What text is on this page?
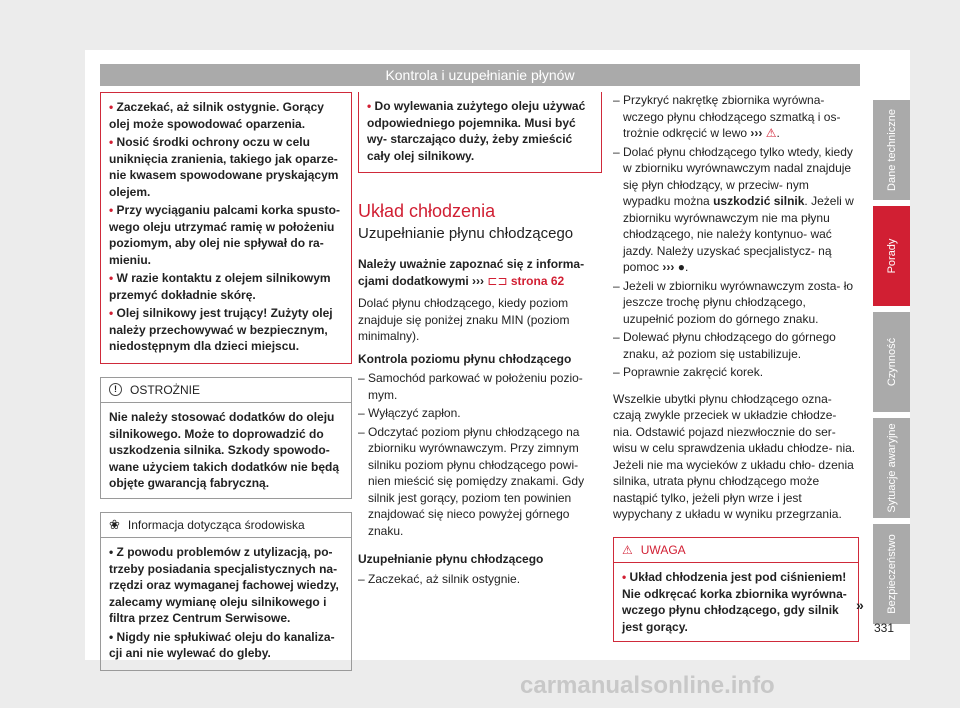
Kontrola i uzupełnianie płynów

• Zaczekać, aż silnik ostygnie. Gorący olej może spowodować oparzenia.

• Nosić środki ochrony oczu w celu uniknięcia zranienia, takiego jak oparze- nie kwasem spowodowane pryskającym olejem.

• Przy wyciąganiu palcami korka spusto- wego oleju utrzymać ramię w położeniu poziomym, aby olej nie spływał do ra- mieniu.

• W razie kontaktu z olejem silnikowym przemyć dokładnie skórę.

• Olej silnikowy jest trujący! Zużyty olej należy przechowywać w bezpiecznym, niedostępnym dla dzieci miejscu.

!	OSTROŻNIE
Nie należy stosować dodatków do oleju silnikowego. Może to doprowadzić do uszkodzenia silnika. Szkody spowodo- wane użyciem takich dodatków nie będą objęte gwarancją fabryczną.
❀ Informacja dotycząca środowiska

• Z powodu problemów z utylizacją, po- trzeby posiadania specjalistycznych na- rzędzi oraz wymaganej fachowej wiedzy, zalecamy wymianę oleju silnikowego i filtra przez Centrum Serwisowe.

• Nigdy nie spłukiwać oleju do kanaliza- cji ani nie wylewać do gleby.

• Do wylewania zużytego oleju używać odpowiedniego pojemnika. Musi być wy- starczająco duży, żeby zmieścić cały olej silnikowy.

Układ chłodzenia
Uzupełnianie płynu chłodzącego

Należy uważnie zapoznać się z informa- cjami dodatkowymi ››› ⊏⊐ strona 62

Dolać płynu chłodzącego, kiedy poziom znajduje się poniżej znaku MIN (poziom minimalny).

Kontrola poziomu płynu chłodzącego

– Samochód parkować w położeniu pozio- mym.

– Wyłączyć zapłon.

– Odczytać poziom płynu chłodzącego na zbiorniku wyrównawczym. Przy zimnym silniku poziom płynu chłodzącego powi- nien mieścić się pomiędzy znakami. Gdy silnik jest gorący, poziom ten powinien znajdować się nieco powyżej górnego znaku.

Uzupełnianie płynu chłodzącego

– Zaczekać, aż silnik ostygnie.

– Przykryć nakrętkę zbiornika wyrówna- wczego płynu chłodzącego szmatką i os- trożnie odkręcić w lewo ››› ⚠.

– Dolać płynu chłodzącego tylko wtedy, kiedy w zbiorniku wyrównawczym nadal znajduje się płyn chłodzący, w przeciw- nym wypadku można uszkodzić silnik. Jeżeli w zbiorniku wyrównawczym nie ma płynu chłodzącego, nie należy kontynuo- wać jazdy. Należy uzyskać specjalistycz- ną pomoc ››› ●.

– Jeżeli w zbiorniku wyrównawczym zosta- ło jeszcze trochę płynu chłodzącego, uzupełnić poziom do górnego znaku.

– Dolewać płynu chłodzącego do górnego znaku, aż poziom się ustabilizuje.

– Poprawnie zakręcić korek.

Wszelkie ubytki płynu chłodzącego ozna- czają zwykle przeciek w układzie chłodze- nia. Odstawić pojazd niezwłocznie do ser- wisu w celu sprawdzenia układu chłodze- nia. Jeżeli nie ma wycieków z układu chło- dzenia silnika, utrata płynu chłodzącego może nastąpić tylko, jeżeli płyn wrze i jest wypychany z układu w wyniku przegrzania.

⚠ UWAGA
• Układ chłodzenia jest pod ciśnieniem! Nie odkręcać korka zbiornika wyrówna- wczego płynu chłodzącego, gdy silnik jest gorący.
Dane techniczne
Porady
Czynność
Sytuacje awaryjne
Bezpieczeństwo
»
331
carmanualsonline.info
